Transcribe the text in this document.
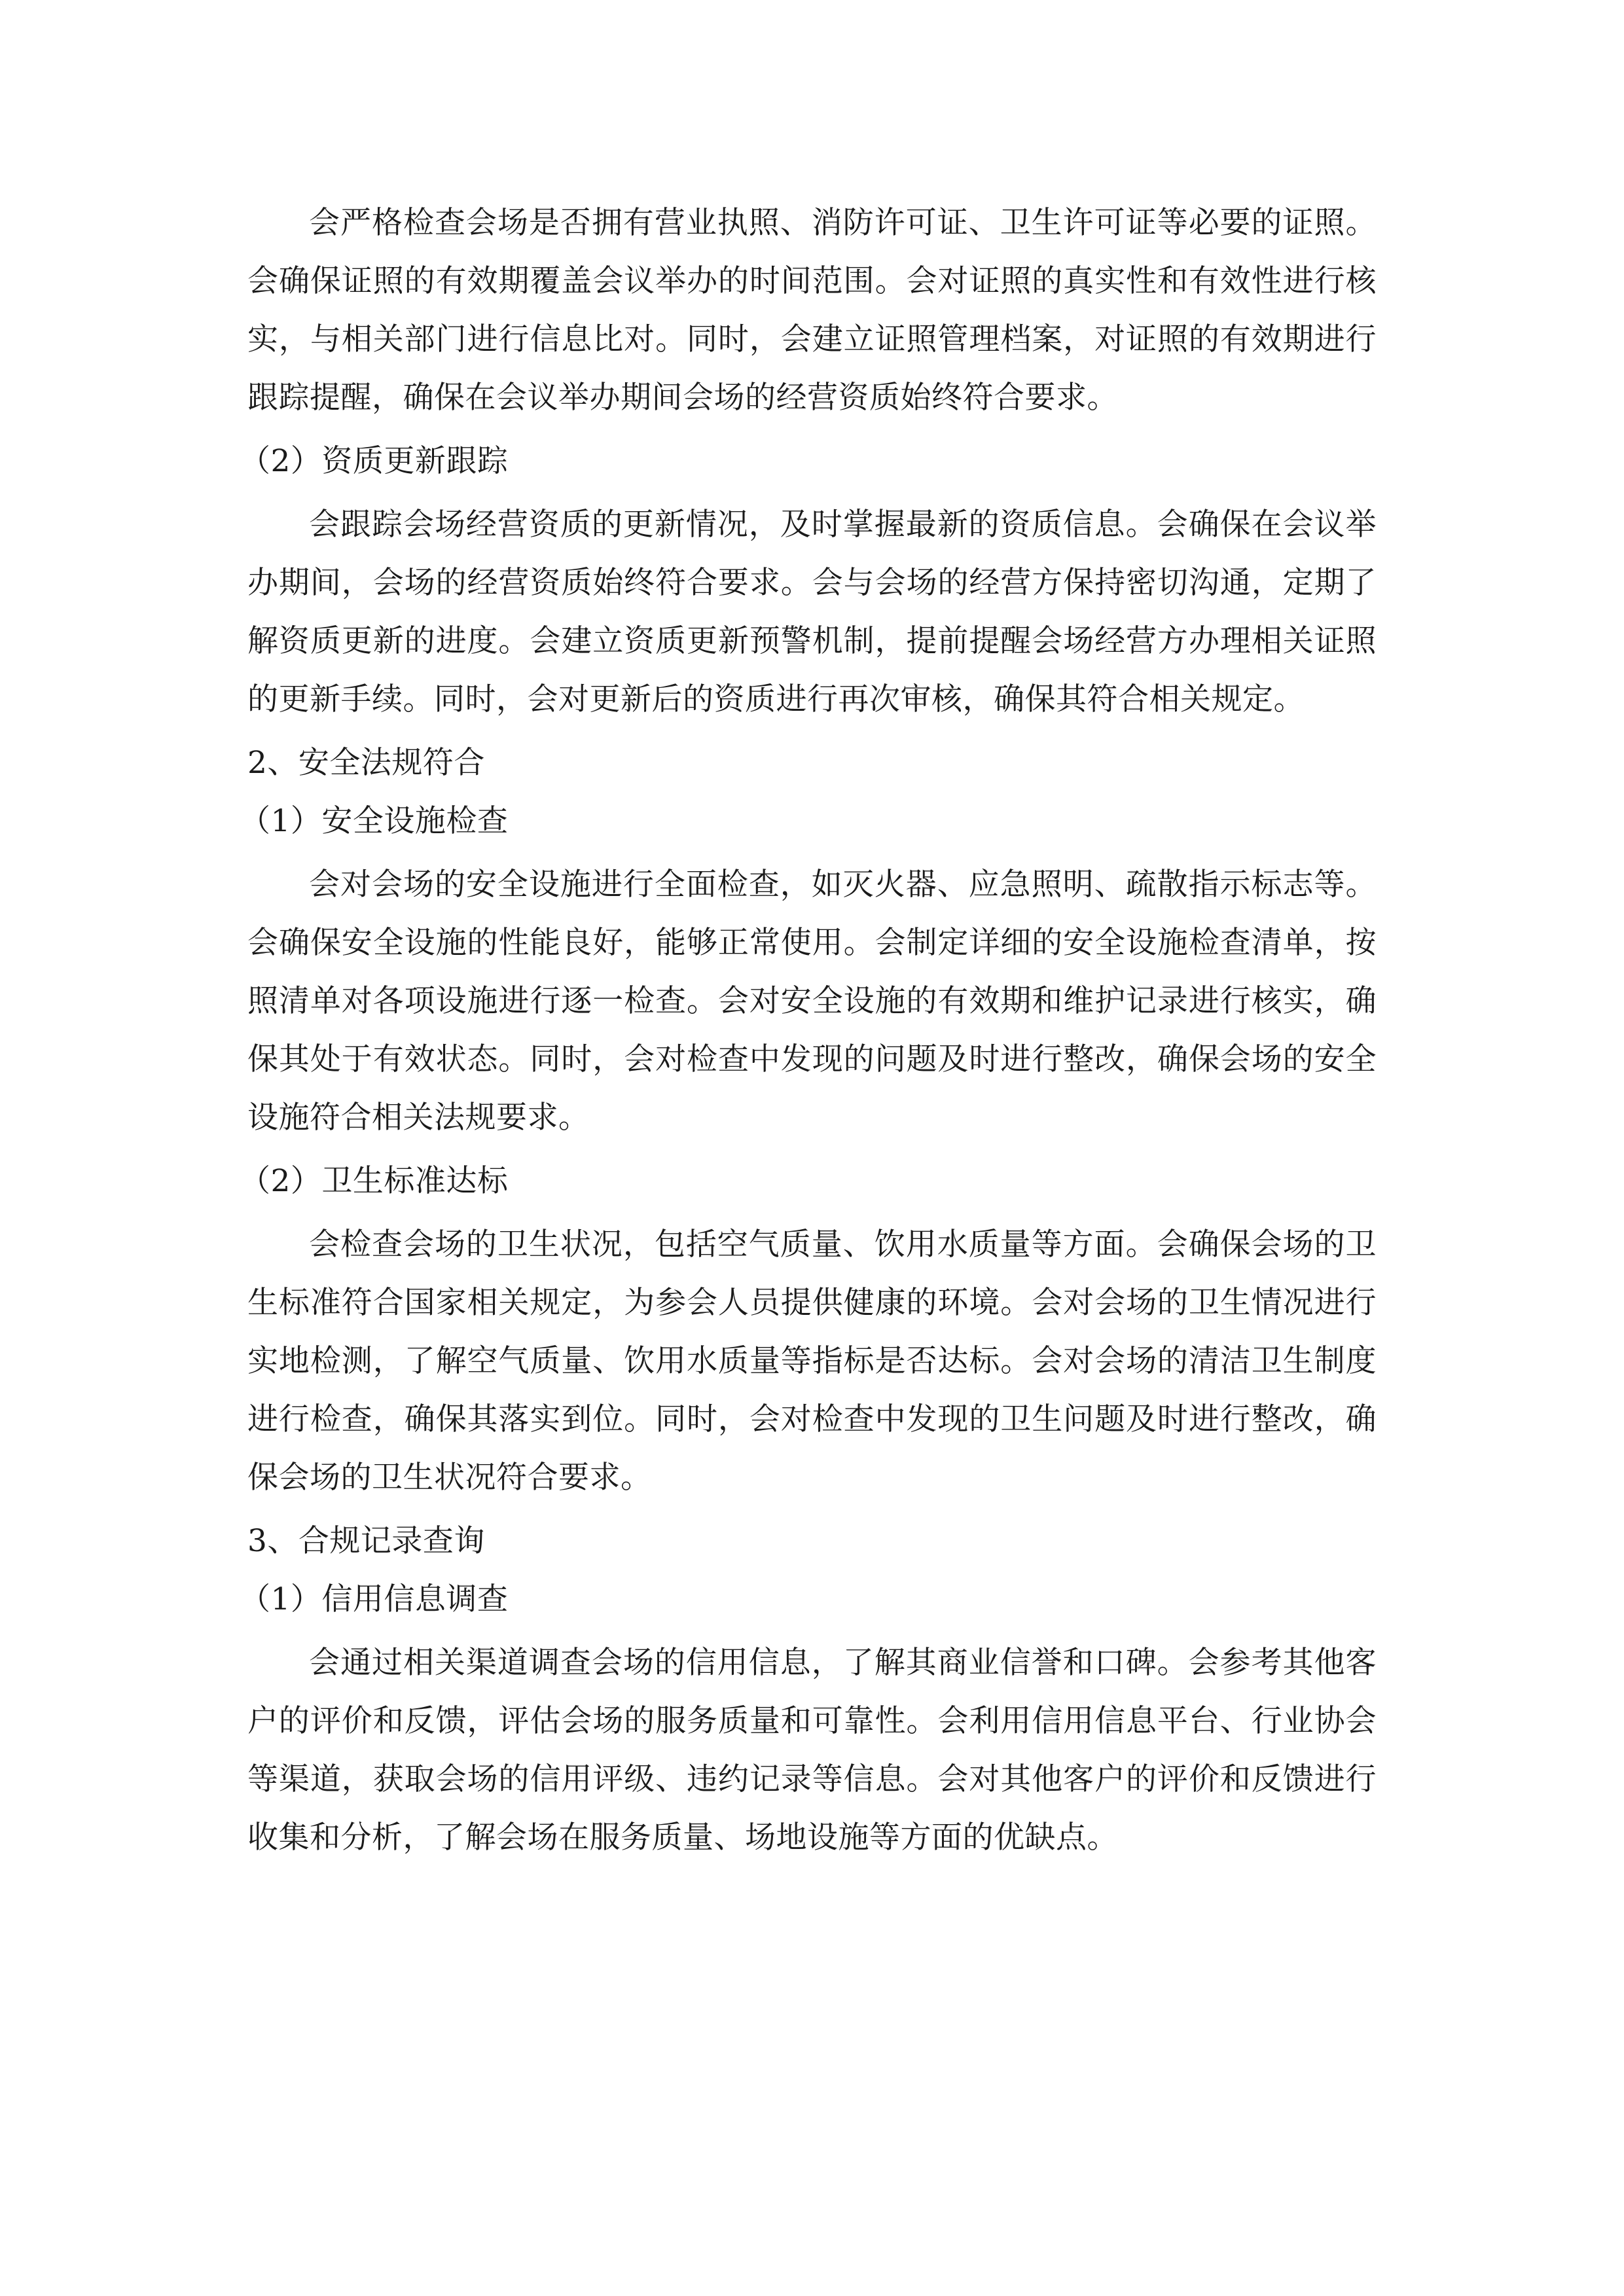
会严格检查会场是否拥有营业执照、消防许可证、卫生许可证等必要的证照。会确保证照的有效期覆盖会议举办的时间范围。会对证照的真实性和有效性进行核实，与相关部门进行信息比对。同时，会建立证照管理档案，对证照的有效期进行跟踪提醒，确保在会议举办期间会场的经营资质始终符合要求。

（2）资质更新跟踪

会跟踪会场经营资质的更新情况，及时掌握最新的资质信息。会确保在会议举办期间，会场的经营资质始终符合要求。会与会场的经营方保持密切沟通，定期了解资质更新的进度。会建立资质更新预警机制，提前提醒会场经营方办理相关证照的更新手续。同时，会对更新后的资质进行再次审核，确保其符合相关规定。

2、安全法规符合

（1）安全设施检查

会对会场的安全设施进行全面检查，如灭火器、应急照明、疏散指示标志等。会确保安全设施的性能良好，能够正常使用。会制定详细的安全设施检查清单，按照清单对各项设施进行逐一检查。会对安全设施的有效期和维护记录进行核实，确保其处于有效状态。同时，会对检查中发现的问题及时进行整改，确保会场的安全设施符合相关法规要求。

（2）卫生标准达标

会检查会场的卫生状况，包括空气质量、饮用水质量等方面。会确保会场的卫生标准符合国家相关规定，为参会人员提供健康的环境。会对会场的卫生情况进行实地检测，了解空气质量、饮用水质量等指标是否达标。会对会场的清洁卫生制度进行检查，确保其落实到位。同时，会对检查中发现的卫生问题及时进行整改，确保会场的卫生状况符合要求。

3、合规记录查询

（1）信用信息调查

会通过相关渠道调查会场的信用信息，了解其商业信誉和口碑。会参考其他客户的评价和反馈，评估会场的服务质量和可靠性。会利用信用信息平台、行业协会等渠道，获取会场的信用评级、违约记录等信息。会对其他客户的评价和反馈进行收集和分析，了解会场在服务质量、场地设施等方面的优缺点。
